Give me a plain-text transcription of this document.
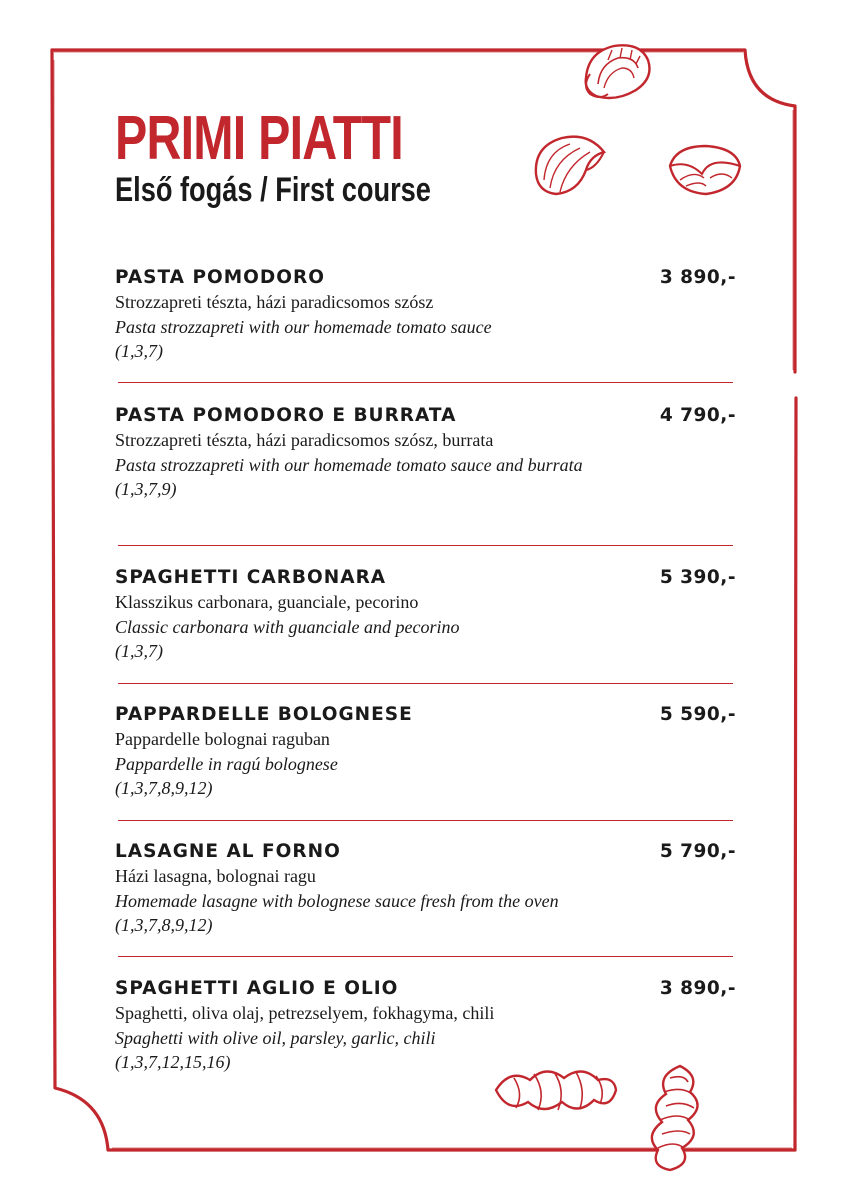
PRIMI PIATTI
Első fogás / First course
PASTA POMODORO	3 890,-
Strozzapreti tészta, házi paradicsomos szósz
Pasta strozzapreti with our homemade tomato sauce
(1,3,7)
PASTA POMODORO E BURRATA	4 790,-
Strozzapreti tészta, házi paradicsomos szósz, burrata
Pasta strozzapreti with our homemade tomato sauce and burrata
(1,3,7,9)
SPAGHETTI CARBONARA	5 390,-
Klasszikus carbonara, guanciale, pecorino
Classic carbonara with guanciale and pecorino
(1,3,7)
PAPPARDELLE BOLOGNESE	5 590,-
Pappardelle bolognai raguban
Pappardelle in ragú bolognese
(1,3,7,8,9,12)
LASAGNE AL FORNO	5 790,-
Házi lasagna, bolognai ragu
Homemade lasagne with bolognese sauce fresh from the oven
(1,3,7,8,9,12)
SPAGHETTI AGLIO E OLIO	3 890,-
Spaghetti, oliva olaj, petrezselyem, fokhagyma, chili
Spaghetti with olive oil, parsley, garlic, chili
(1,3,7,12,15,16)
